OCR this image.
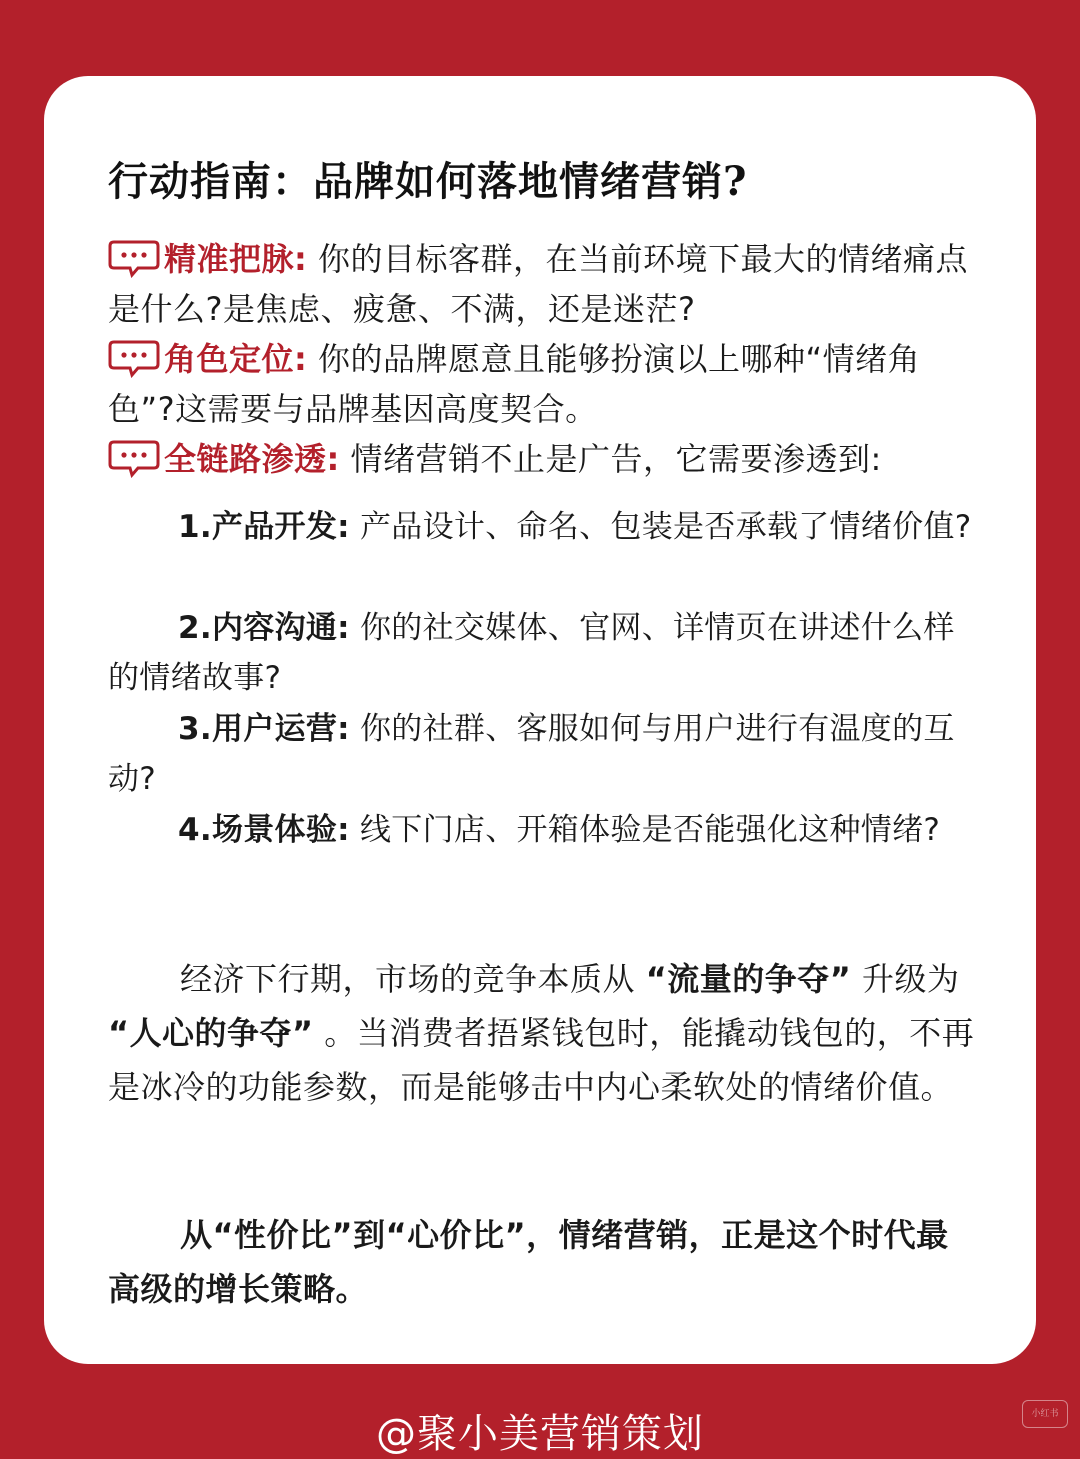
行动指南：品牌如何落地情绪营销?
精准把脉: 你的目标客群，在当前环境下最大的情绪痛点是什么?是焦虑、疲惫、不满，还是迷茫?
角色定位: 你的品牌愿意且能够扮演以上哪种“情绪角色”?这需要与品牌基因高度契合。
全链路渗透: 情绪营销不止是广告，它需要渗透到:
1.产品开发: 产品设计、命名、包装是否承载了情绪价值?
2.内容沟通: 你的社交媒体、官网、详情页在讲述什么样的情绪故事?
3.用户运营: 你的社群、客服如何与用户进行有温度的互动?
4.场景体验: 线下门店、开箱体验是否能强化这种情绪?
经济下行期，市场的竞争本质从 “流量的争夺” 升级为 “人心的争夺” 。当消费者捂紧钱包时，能撬动钱包的，不再是冰冷的功能参数，而是能够击中内心柔软处的情绪价值。
从“性价比”到“心价比”，情绪营销，正是这个时代最高级的增长策略。
@聚小美营销策划	小红书
